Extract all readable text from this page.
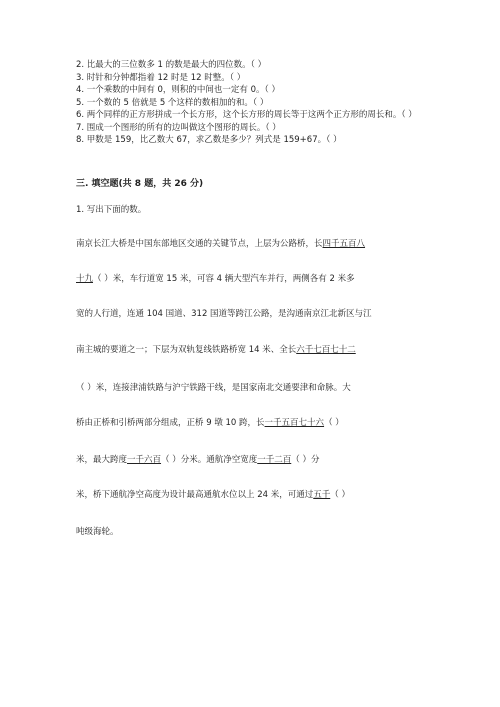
2. 比最大的三位数多 1 的数是最大的四位数。（ ）

3. 时针和分钟都指着 12 时是 12 时整。（ ）

4. 一个乘数的中间有 0，则积的中间也一定有 0。（ ）

5. 一个数的 5 倍就是 5 个这样的数相加的和。（ ）

6. 两个同样的正方形拼成一个长方形，这个长方形的周长等于这两个正方形的周长和。（ ）

7. 围成一个图形的所有的边叫做这个图形的周长。（ ）

8. 甲数是 159，比乙数大 67，求乙数是多少？列式是 159+67。（ ）

三. 填空题(共 8 题，共 26 分)
1. 写出下面的数。
南京长江大桥是中国东部地区交通的关键节点，上层为公路桥，长四千五百八
十九（ ）米，车行道宽 15 米，可容 4 辆大型汽车并行，两侧各有 2 米多
宽的人行道，连通 104 国道、312 国道等跨江公路，是沟通南京江北新区与江
南主城的要道之一；下层为双轨复线铁路桥宽 14 米、全长六千七百七十二
（ ）米，连接津浦铁路与沪宁铁路干线，是国家南北交通要津和命脉。大
桥由正桥和引桥两部分组成，正桥 9 墩 10 跨，长一千五百七十六（ ）
米，最大跨度一千六百（ ）分米。通航净空宽度一千二百（ ）分
米，桥下通航净空高度为设计最高通航水位以上 24 米，可通过五千（ ）
吨级海轮。
